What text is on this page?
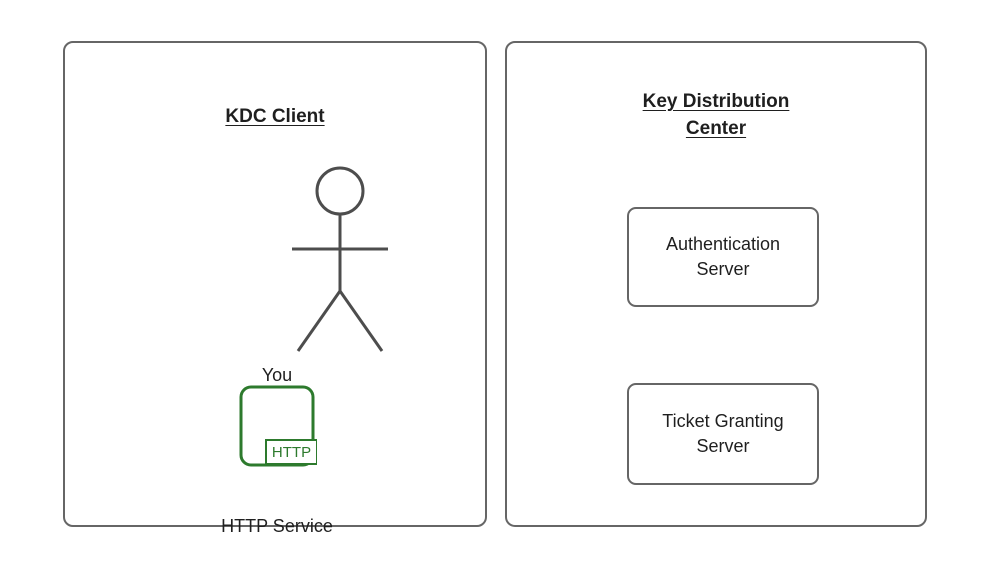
KDC Client
You
HTTP
HTTP Service
Key Distribution
Center
Authentication
Server
Ticket Granting
Server
